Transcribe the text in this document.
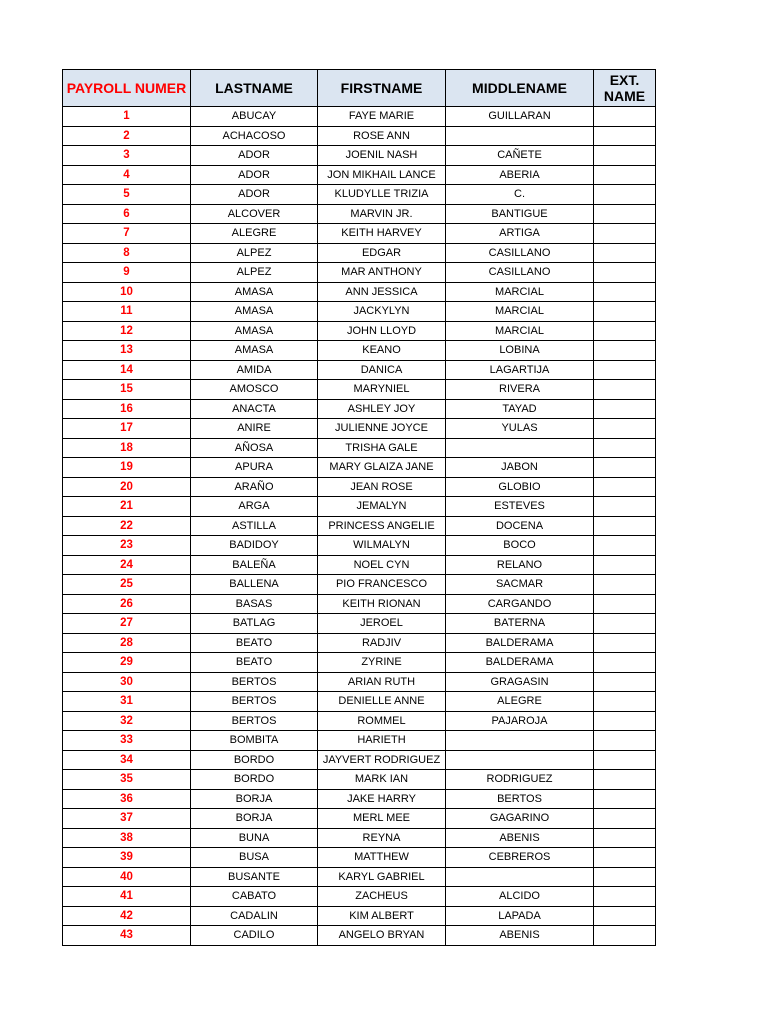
PAYROLL NUMER	LASTNAME	FIRSTNAME	MIDDLENAME	EXT.
NAME
1	ABUCAY	FAYE MARIE	GUILLARAN	
2	ACHACOSO	ROSE ANN		
3	ADOR	JOENIL NASH	CAÑETE	
4	ADOR	JON MIKHAIL LANCE	ABERIA	
5	ADOR	KLUDYLLE TRIZIA	C.	
6	ALCOVER	MARVIN JR.	BANTIGUE	
7	ALEGRE	KEITH HARVEY	ARTIGA	
8	ALPEZ	EDGAR	CASILLANO	
9	ALPEZ	MAR ANTHONY	CASILLANO	
10	AMASA	ANN JESSICA	MARCIAL	
11	AMASA	JACKYLYN	MARCIAL	
12	AMASA	JOHN LLOYD	MARCIAL	
13	AMASA	KEANO	LOBINA	
14	AMIDA	DANICA	LAGARTIJA	
15	AMOSCO	MARYNIEL	RIVERA	
16	ANACTA	ASHLEY JOY	TAYAD	
17	ANIRE	JULIENNE JOYCE	YULAS	
18	AÑOSA	TRISHA GALE		
19	APURA	MARY GLAIZA JANE	JABON	
20	ARAÑO	JEAN ROSE	GLOBIO	
21	ARGA	JEMALYN	ESTEVES	
22	ASTILLA	PRINCESS ANGELIE	DOCENA	
23	BADIDOY	WILMALYN	BOCO	
24	BALEÑA	NOEL CYN	RELANO	
25	BALLENA	PIO FRANCESCO	SACMAR	
26	BASAS	KEITH RIONAN	CARGANDO	
27	BATLAG	JEROEL	BATERNA	
28	BEATO	RADJIV	BALDERAMA	
29	BEATO	ZYRINE	BALDERAMA	
30	BERTOS	ARIAN RUTH	GRAGASIN	
31	BERTOS	DENIELLE ANNE	ALEGRE	
32	BERTOS	ROMMEL	PAJAROJA	
33	BOMBITA	HARIETH		
34	BORDO	JAYVERT RODRIGUEZ		
35	BORDO	MARK IAN	RODRIGUEZ	
36	BORJA	JAKE HARRY	BERTOS	
37	BORJA	MERL MEE	GAGARINO	
38	BUNA	REYNA	ABENIS	
39	BUSA	MATTHEW	CEBREROS	
40	BUSANTE	KARYL GABRIEL		
41	CABATO	ZACHEUS	ALCIDO	
42	CADALIN	KIM ALBERT	LAPADA	
43	CADILO	ANGELO BRYAN	ABENIS	
